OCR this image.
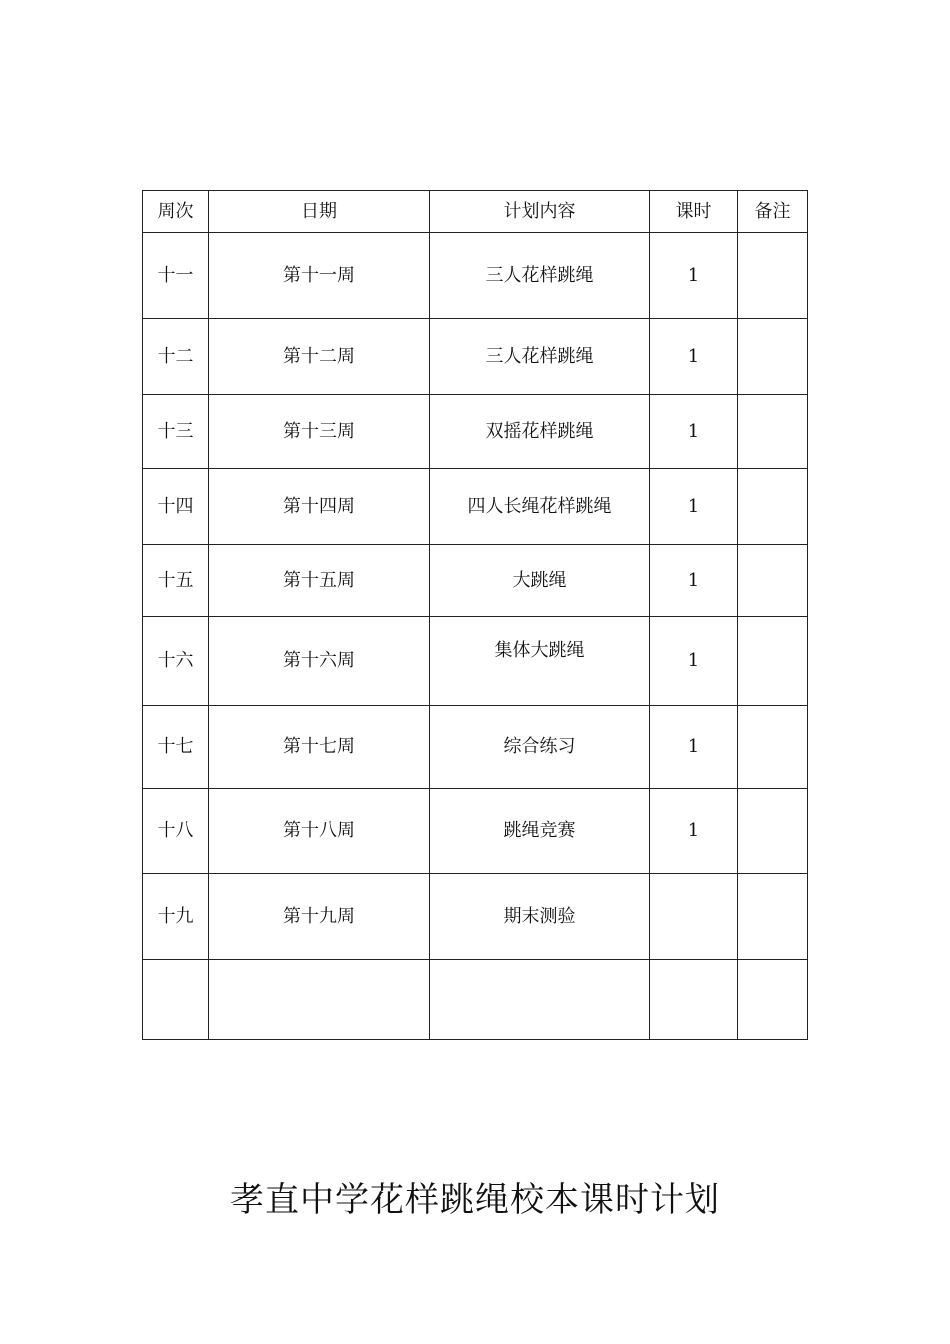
周次	日期	计划内容	课时	备注
十一	第十一周	三人花样跳绳	1	
十二	第十二周	三人花样跳绳	1	
十三	第十三周	双摇花样跳绳	1	
十四	第十四周	四人长绳花样跳绳	1	
十五	第十五周	大跳绳	1	
十六	第十六周	集体大跳绳	1	
十七	第十七周	综合练习	1	
十八	第十八周	跳绳竞赛	1	
十九	第十九周	期末测验		

孝直中学花样跳绳校本课时计划
